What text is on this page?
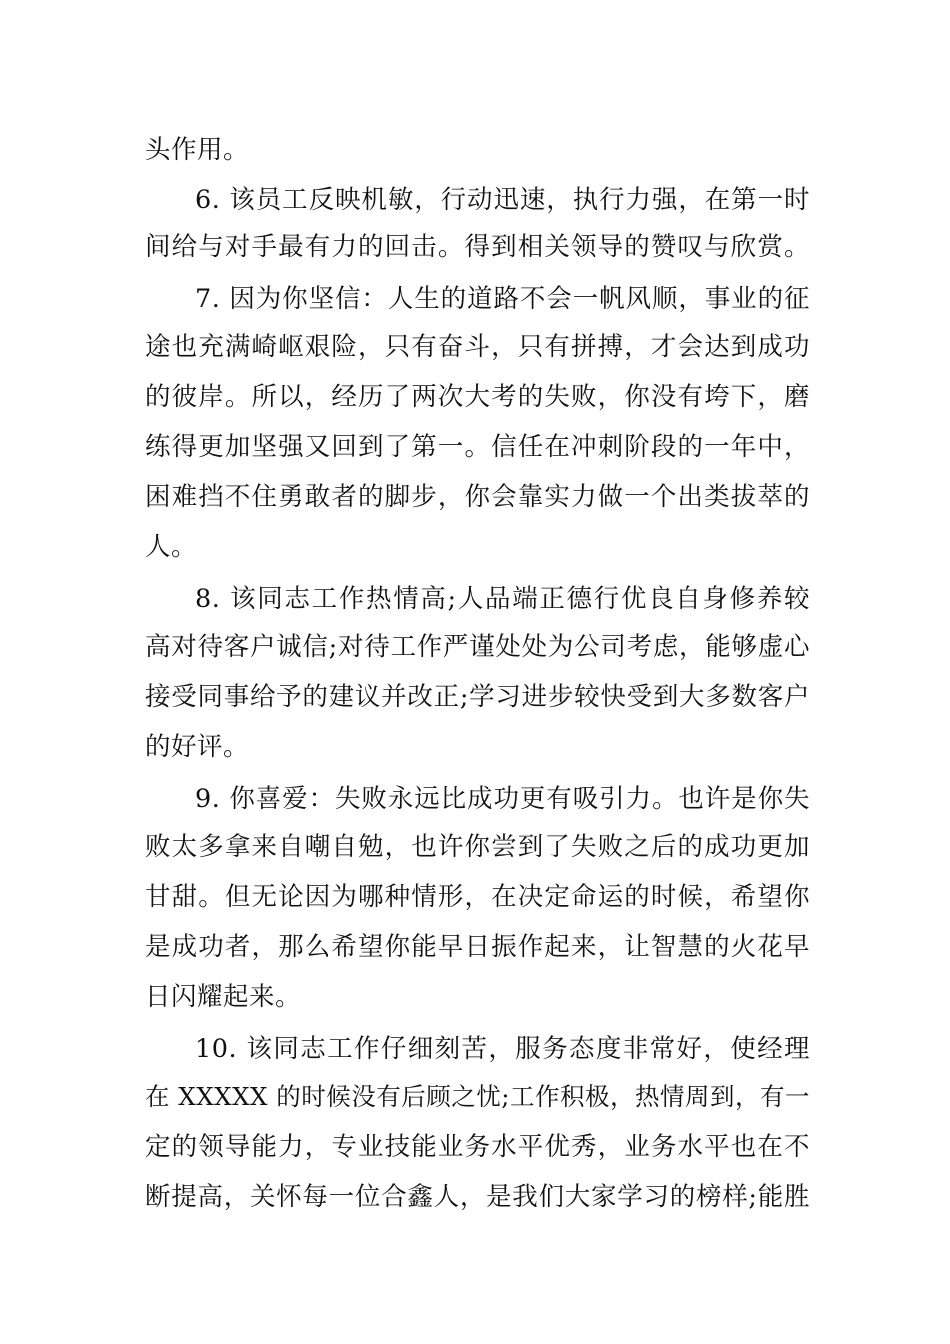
头作用。
6. 该员工反映机敏，行动迅速，执行力强，在第一时
间给与对手最有力的回击。得到相关领导的赞叹与欣赏。
7. 因为你坚信：人生的道路不会一帆风顺，事业的征
途也充满崎岖艰险，只有奋斗，只有拼搏，才会达到成功
的彼岸。所以，经历了两次大考的失败，你没有垮下，磨
练得更加坚强又回到了第一。信任在冲刺阶段的一年中，
困难挡不住勇敢者的脚步，你会靠实力做一个出类拔萃的
人。
8. 该同志工作热情高;人品端正德行优良自身修养较
高对待客户诚信;对待工作严谨处处为公司考虑，能够虚心
接受同事给予的建议并改正;学习进步较快受到大多数客户
的好评。
9. 你喜爱：失败永远比成功更有吸引力。也许是你失
败太多拿来自嘲自勉，也许你尝到了失败之后的成功更加
甘甜。但无论因为哪种情形，在决定命运的时候，希望你
是成功者，那么希望你能早日振作起来，让智慧的火花早
日闪耀起来。
10. 该同志工作仔细刻苦，服务态度非常好，使经理
在 XXXXX 的时候没有后顾之忧;工作积极，热情周到，有一
定的领导能力，专业技能业务水平优秀，业务水平也在不
断提高，关怀每一位合鑫人，是我们大家学习的榜样;能胜
